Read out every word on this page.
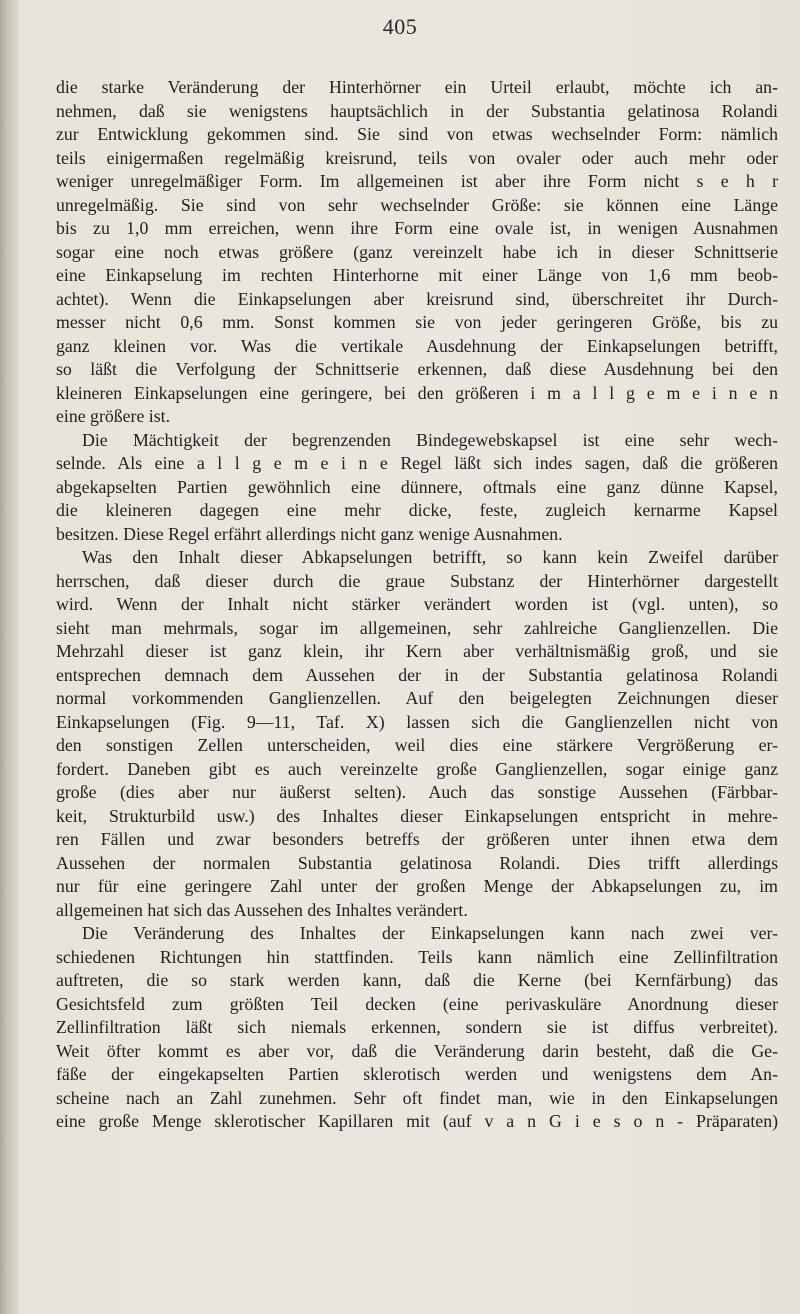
405
die starke Veränderung der Hinterhörner ein Urteil erlaubt, möchte ich an-
nehmen, daß sie wenigstens hauptsächlich in der Substantia gelatinosa Rolandi
zur Entwicklung gekommen sind. Sie sind von etwas wechselnder Form: nämlich
teils einigermaßen regelmäßig kreisrund, teils von ovaler oder auch mehr oder
weniger unregelmäßiger Form. Im allgemeinen ist aber ihre Form nicht s e h r
unregelmäßig. Sie sind von sehr wechselnder Größe: sie können eine Länge
bis zu 1,0 mm erreichen, wenn ihre Form eine ovale ist, in wenigen Ausnahmen
sogar eine noch etwas größere (ganz vereinzelt habe ich in dieser Schnittserie
eine Einkapselung im rechten Hinterhorne mit einer Länge von 1,6 mm beob-
achtet). Wenn die Einkapselungen aber kreisrund sind, überschreitet ihr Durch-
messer nicht 0,6 mm. Sonst kommen sie von jeder geringeren Größe, bis zu
ganz kleinen vor. Was die vertikale Ausdehnung der Einkapselungen betrifft,
so läßt die Verfolgung der Schnittserie erkennen, daß diese Ausdehnung bei den
kleineren Einkapselungen eine geringere, bei den größeren i m a l l g e m e i n e n
eine größere ist.
Die Mächtigkeit der begrenzenden Bindegewebskapsel ist eine sehr wech-
selnde. Als eine a l l g e m e i n e Regel läßt sich indes sagen, daß die größeren
abgekapselten Partien gewöhnlich eine dünnere, oftmals eine ganz dünne Kapsel,
die kleineren dagegen eine mehr dicke, feste, zugleich kernarme Kapsel
besitzen. Diese Regel erfährt allerdings nicht ganz wenige Ausnahmen.
Was den Inhalt dieser Abkapselungen betrifft, so kann kein Zweifel darüber
herrschen, daß dieser durch die graue Substanz der Hinterhörner dargestellt
wird. Wenn der Inhalt nicht stärker verändert worden ist (vgl. unten), so
sieht man mehrmals, sogar im allgemeinen, sehr zahlreiche Ganglienzellen. Die
Mehrzahl dieser ist ganz klein, ihr Kern aber verhältnismäßig groß, und sie
entsprechen demnach dem Aussehen der in der Substantia gelatinosa Rolandi
normal vorkommenden Ganglienzellen. Auf den beigelegten Zeichnungen dieser
Einkapselungen (Fig. 9—11, Taf. X) lassen sich die Ganglienzellen nicht von
den sonstigen Zellen unterscheiden, weil dies eine stärkere Vergrößerung er-
fordert. Daneben gibt es auch vereinzelte große Ganglienzellen, sogar einige ganz
große (dies aber nur äußerst selten). Auch das sonstige Aussehen (Färbbar-
keit, Strukturbild usw.) des Inhaltes dieser Einkapselungen entspricht in mehre-
ren Fällen und zwar besonders betreffs der größeren unter ihnen etwa dem
Aussehen der normalen Substantia gelatinosa Rolandi. Dies trifft allerdings
nur für eine geringere Zahl unter der großen Menge der Abkapselungen zu, im
allgemeinen hat sich das Aussehen des Inhaltes verändert.
Die Veränderung des Inhaltes der Einkapselungen kann nach zwei ver-
schiedenen Richtungen hin stattfinden. Teils kann nämlich eine Zellinfiltration
auftreten, die so stark werden kann, daß die Kerne (bei Kernfärbung) das
Gesichtsfeld zum größten Teil decken (eine perivaskuläre Anordnung dieser
Zellinfiltration läßt sich niemals erkennen, sondern sie ist diffus verbreitet).
Weit öfter kommt es aber vor, daß die Veränderung darin besteht, daß die Ge-
fäße der eingekapselten Partien sklerotisch werden und wenigstens dem An-
scheine nach an Zahl zunehmen. Sehr oft findet man, wie in den Einkapselungen
eine große Menge sklerotischer Kapillaren mit (auf v a n G i e s o n - Präparaten)
